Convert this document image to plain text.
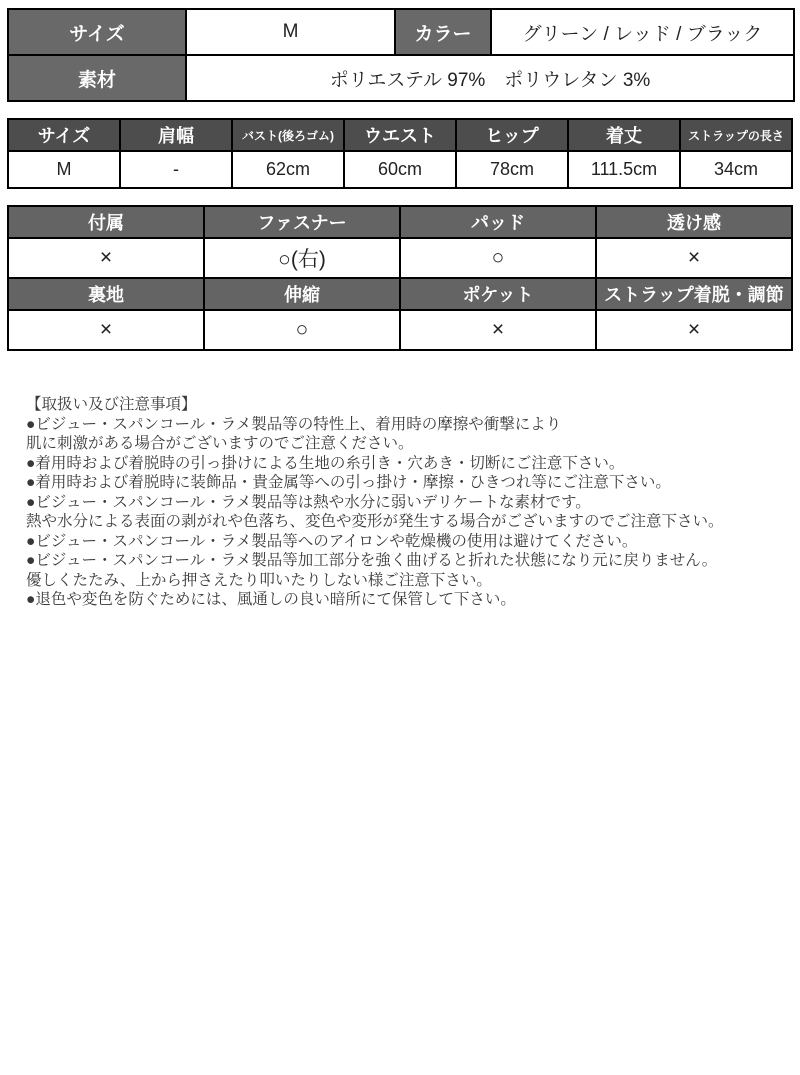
サイズ	M	カラー	グリーン / レッド / ブラック
素材	ポリエステル 97%　ポリウレタン 3%		
サイズ	肩幅	バスト(後ろゴム)	ウエスト	ヒップ	着丈	ストラップの長さ
M	-	62cm	60cm	78cm	111.5cm	34cm
付属	ファスナー	パッド	透け感
×	○(右)	○	×
裏地	伸縮	ポケット	ストラップ着脱・調節
×	○	×	×
【取扱い及び注意事項】
●ビジュー・スパンコール・ラメ製品等の特性上、着用時の摩擦や衝撃により
肌に刺激がある場合がございますのでご注意ください。
●着用時および着脱時の引っ掛けによる生地の糸引き・穴あき・切断にご注意下さい。
●着用時および着脱時に装飾品・貴金属等への引っ掛け・摩擦・ひきつれ等にご注意下さい。
●ビジュー・スパンコール・ラメ製品等は熱や水分に弱いデリケートな素材です。
熱や水分による表面の剥がれや色落ち、変色や変形が発生する場合がございますのでご注意下さい。
●ビジュー・スパンコール・ラメ製品等へのアイロンや乾燥機の使用は避けてください。
●ビジュー・スパンコール・ラメ製品等加工部分を強く曲げると折れた状態になり元に戻りません。
優しくたたみ、上から押さえたり叩いたりしない様ご注意下さい。
●退色や変色を防ぐためには、風通しの良い暗所にて保管して下さい。
